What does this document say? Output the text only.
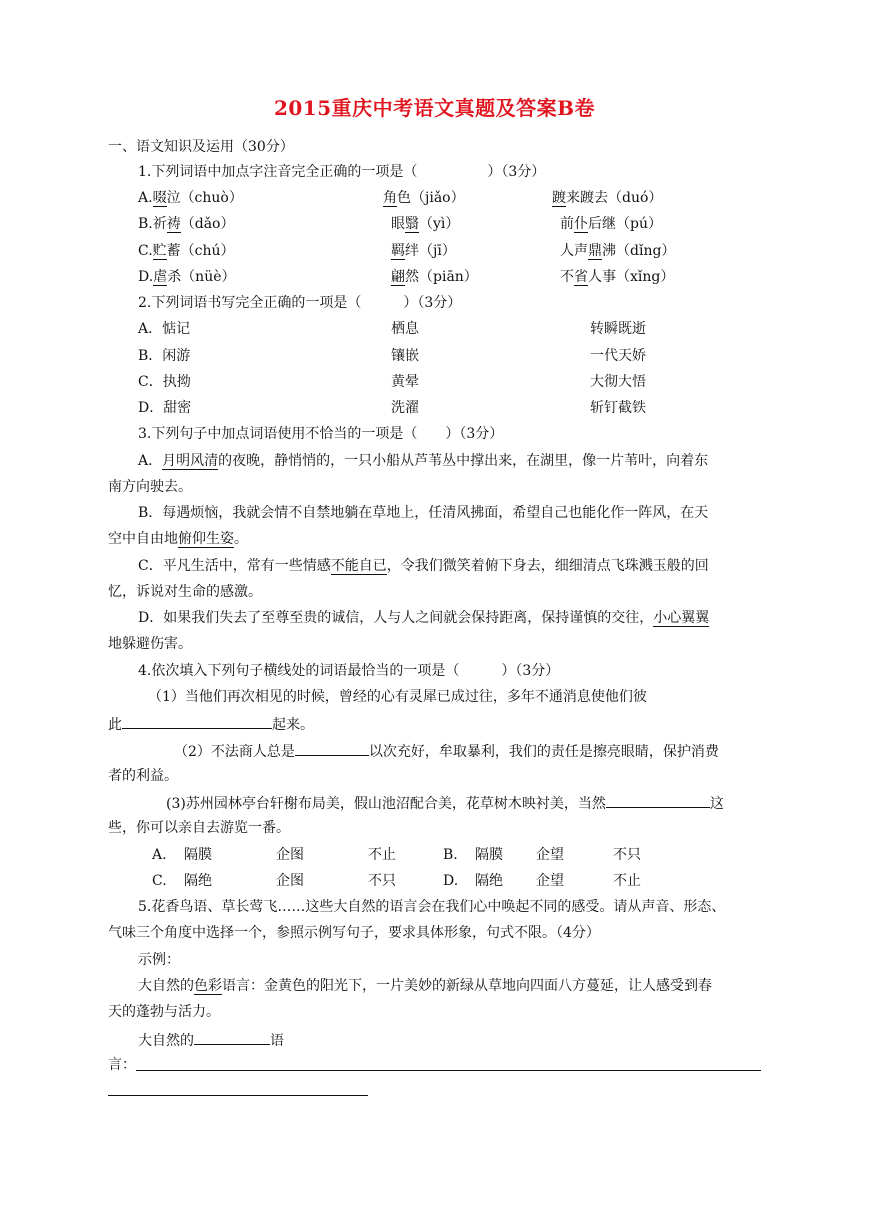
2015重庆中考语文真题及答案B卷
一、语文知识及运用（30分）
1.下列词语中加点字注音完全正确的一项是（　　　　　）（3分）
A.啜泣（chuò）	角色（jiǎo）	踱来踱去（duó）
B.祈祷（dǎo）	眼翳（yì）	前仆后继（pú）
C.贮蓄（chú）	羁绊（jī）	人声鼎沸（dǐng）
D.虐杀（nüè）	翩然（piān）	不省人事（xǐng）
2.下列词语书写完全正确的一项是（　　　）（3分）
A．惦记	栖息	转瞬既逝
B．闲游	镶嵌	一代天娇
C．执拗	黄晕	大彻大悟
D．甜密	洗濯	斩钉截铁
3.下列句子中加点词语使用不恰当的一项是（　　）（3分）
A．月明风清的夜晚，静悄悄的，一只小船从芦苇丛中撑出来，在湖里，像一片苇叶，向着东
南方向驶去。
B．每遇烦恼，我就会情不自禁地躺在草地上，任清风拂面，希望自己也能化作一阵风，在天
空中自由地俯仰生姿。
C．平凡生活中，常有一些情感不能自已，令我们微笑着俯下身去，细细清点飞珠溅玉般的回
忆，诉说对生命的感激。
D．如果我们失去了至尊至贵的诚信，人与人之间就会保持距离，保持谨慎的交往，小心翼翼
地躲避伤害。
4.依次填入下列句子横线处的词语最恰当的一项是（　　　）（3分）
（1）当他们再次相见的时候，曾经的心有灵犀已成过往，多年不通消息使他们彼
此	起来。
（2）不法商人总是	以次充好，牟取暴利，我们的责任是擦亮眼睛，保护消费
者的利益。
(3)苏州园林亭台轩榭布局美，假山池沼配合美，花草树木映衬美，当然	这
些，你可以亲自去游览一番。
A. 隔膜	企图	不止	B. 隔膜 企望	不只
C. 隔绝	企图	不只	D. 隔绝 企望	不止
5.花香鸟语、草长莺飞……这些大自然的语言会在我们心中唤起不同的感受。请从声音、形态、
气味三个角度中选择一个，参照示例写句子，要求具体形象，句式不限。（4分）
示例：
大自然的色彩语言：金黄色的阳光下，一片美妙的新绿从草地向四面八方蔓延，让人感受到春
天的蓬勃与活力。
大自然的	语
言：
